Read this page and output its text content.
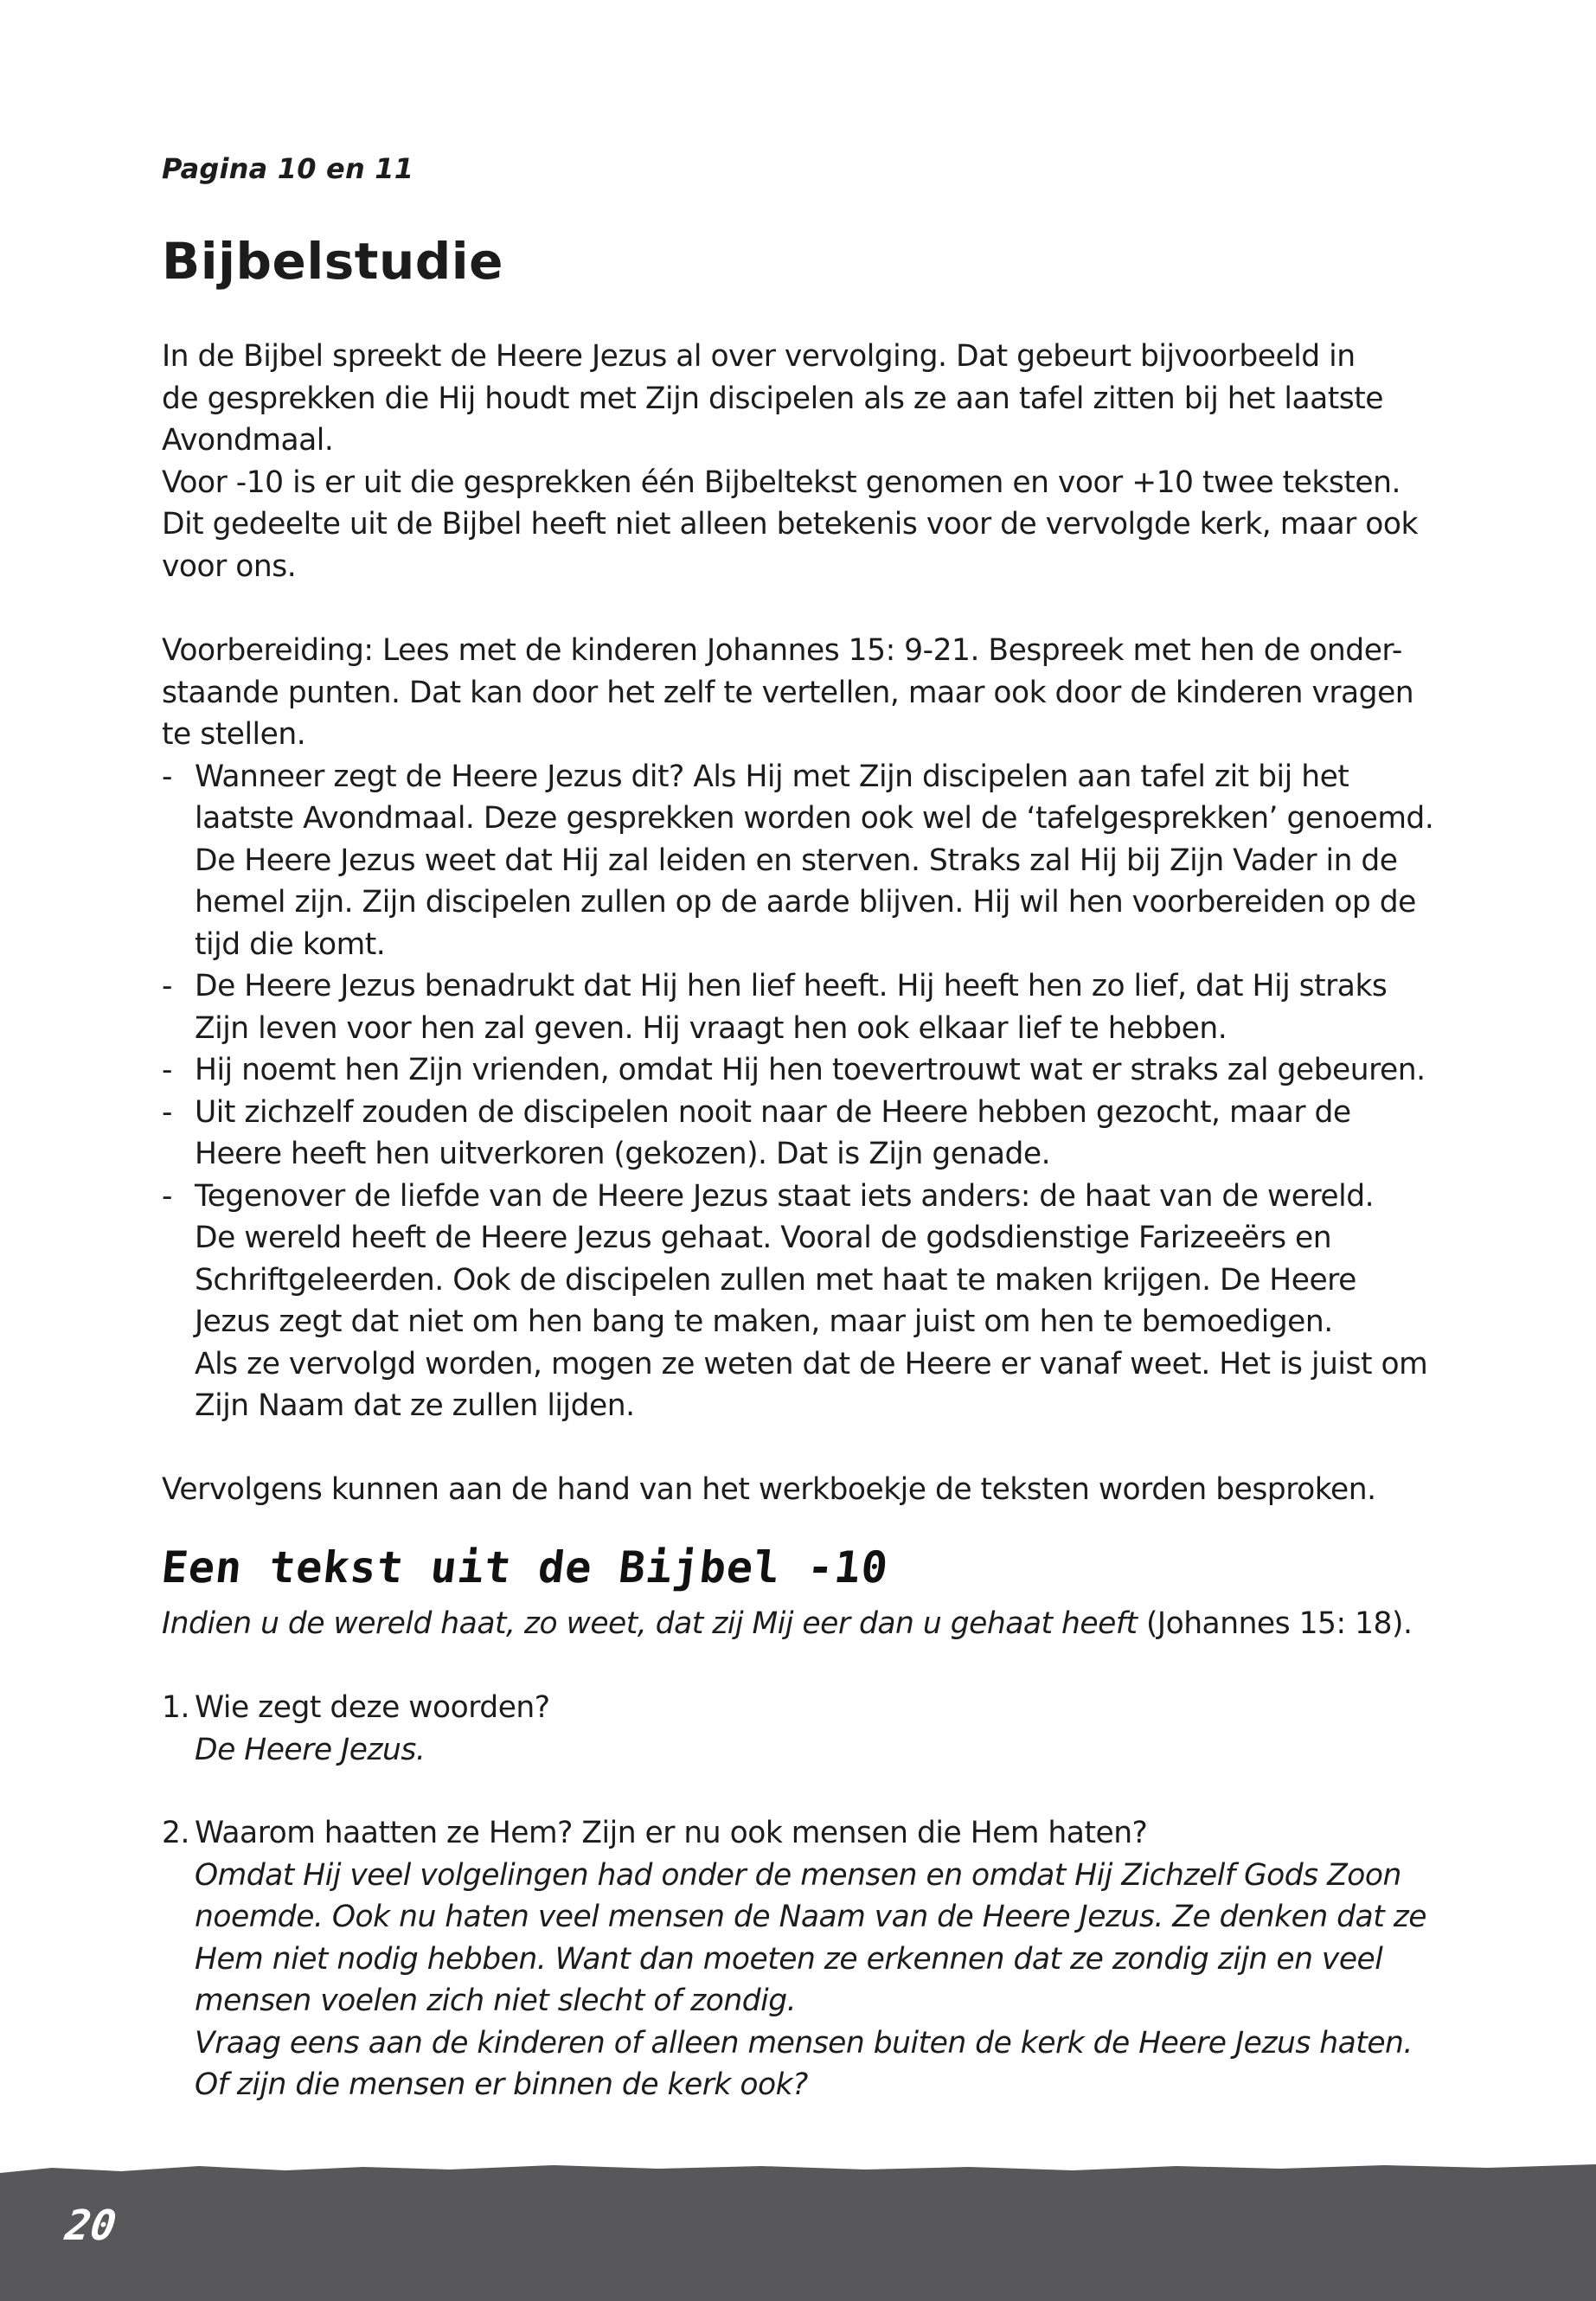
Pagina 10 en 11
Bijbelstudie
In de Bijbel spreekt de Heere Jezus al over vervolging. Dat gebeurt bijvoorbeeld in
de gesprekken die Hij houdt met Zijn discipelen als ze aan tafel zitten bij het laatste
Avondmaal.
Voor -10 is er uit die gesprekken één Bijbeltekst genomen en voor +10 twee teksten.
Dit gedeelte uit de Bijbel heeft niet alleen betekenis voor de vervolgde kerk, maar ook
voor ons.
Voorbereiding: Lees met de kinderen Johannes 15: 9-21. Bespreek met hen de onder-
staande punten. Dat kan door het zelf te vertellen, maar ook door de kinderen vragen
te stellen.
- Wanneer zegt de Heere Jezus dit? Als Hij met Zijn discipelen aan tafel zit bij het
laatste Avondmaal. Deze gesprekken worden ook wel de ‘tafelgesprekken’ genoemd.
De Heere Jezus weet dat Hij zal leiden en sterven. Straks zal Hij bij Zijn Vader in de
hemel zijn. Zijn discipelen zullen op de aarde blijven. Hij wil hen voorbereiden op de
tijd die komt.
- De Heere Jezus benadrukt dat Hij hen lief heeft. Hij heeft hen zo lief, dat Hij straks
Zijn leven voor hen zal geven. Hij vraagt hen ook elkaar lief te hebben.
- Hij noemt hen Zijn vrienden, omdat Hij hen toevertrouwt wat er straks zal gebeuren.
- Uit zichzelf zouden de discipelen nooit naar de Heere hebben gezocht, maar de
Heere heeft hen uitverkoren (gekozen). Dat is Zijn genade.
- Tegenover de liefde van de Heere Jezus staat iets anders: de haat van de wereld.
De wereld heeft de Heere Jezus gehaat. Vooral de godsdienstige Farizeeërs en
Schriftgeleerden. Ook de discipelen zullen met haat te maken krijgen. De Heere
Jezus zegt dat niet om hen bang te maken, maar juist om hen te bemoedigen.
Als ze vervolgd worden, mogen ze weten dat de Heere er vanaf weet. Het is juist om
Zijn Naam dat ze zullen lijden.
Vervolgens kunnen aan de hand van het werkboekje de teksten worden besproken.
Een tekst uit de Bijbel -10
Indien u de wereld haat, zo weet, dat zij Mij eer dan u gehaat heeft (Johannes 15: 18).
1. Wie zegt deze woorden?
De Heere Jezus.
2. Waarom haatten ze Hem? Zijn er nu ook mensen die Hem haten?
Omdat Hij veel volgelingen had onder de mensen en omdat Hij Zichzelf Gods Zoon
noemde. Ook nu haten veel mensen de Naam van de Heere Jezus. Ze denken dat ze
Hem niet nodig hebben. Want dan moeten ze erkennen dat ze zondig zijn en veel
mensen voelen zich niet slecht of zondig.
Vraag eens aan de kinderen of alleen mensen buiten de kerk de Heere Jezus haten.
Of zijn die mensen er binnen de kerk ook?
20
